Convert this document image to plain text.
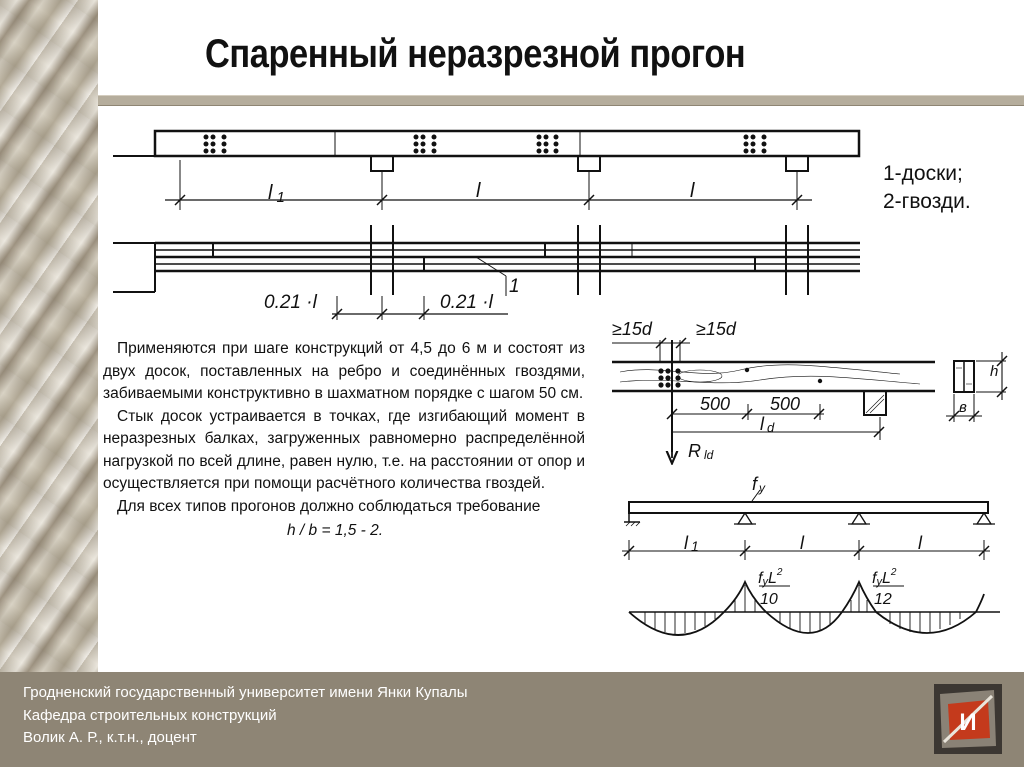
Спаренный неразрезной прогон
l 1	l	l
0.21 ·l	0.21 ·l
1
≥15d ≥15d
500 500
l d
Rld
h
в
fy
l 1	l	l
fyL$^2$
10
fyL$^2$
12
1-доски;
2-гвозди.

Применяются при шаге конструкций от 4,5 до 6 м и состоят из двух досок, поставленных на ребро и соединённых гвоздями, забиваемыми конструктивно в шахматном порядке с шагом 50 см.

Стык досок устраивается в точках, где изгибающий момент в неразрезных балках, загруженных равномерно распределённой нагрузкой по всей длине, равен нулю, т.е. на расстоянии от опор и осуществляется при помощи расчётного количества гвоздей.

Для всех типов прогонов должно соблюдаться требование

h / b = 1,5 - 2.

Гродненский государственный университет имени Янки Купалы
Кафедра строительных конструкций
Волик А. Р., к.т.н., доцент
И
